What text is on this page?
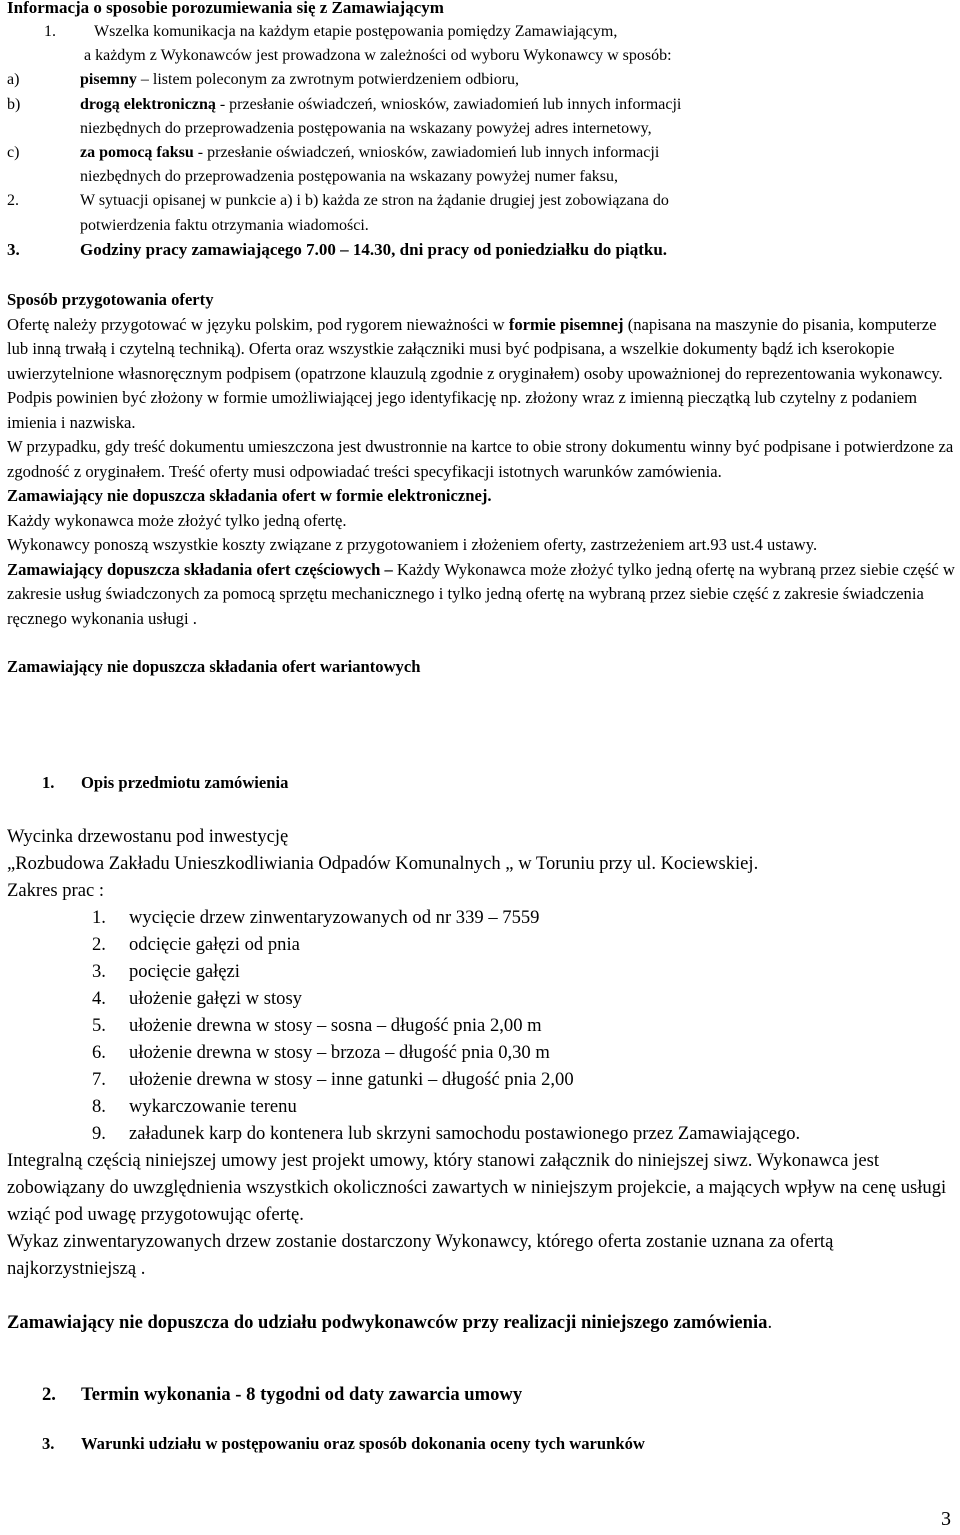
Informacja o sposobie porozumiewania się z Zamawiającym
1.	Wszelka komunikacja na każdym etapie postępowania pomiędzy Zamawiającym,
a każdym z Wykonawców jest prowadzona w zależności od wyboru Wykonawcy w sposób:
a)	pisemny – listem poleconym za zwrotnym potwierdzeniem odbioru,
b)	drogą elektroniczną - przesłanie oświadczeń, wniosków, zawiadomień lub innych informacji
niezbędnych do przeprowadzenia postępowania na wskazany powyżej adres internetowy,
c)	za pomocą faksu - przesłanie oświadczeń, wniosków, zawiadomień lub innych informacji
niezbędnych do przeprowadzenia postępowania na wskazany powyżej numer faksu,
2.	W sytuacji opisanej w punkcie a) i b) każda ze stron na żądanie drugiej jest zobowiązana do
potwierdzenia faktu otrzymania wiadomości.
3.	Godziny pracy zamawiającego 7.00 – 14.30, dni pracy od poniedziałku do piątku.
Sposób przygotowania oferty
Ofertę należy przygotować w języku polskim, pod rygorem nieważności w formie pisemnej (napisana na maszynie do pisania, komputerze lub inną trwałą i czytelną techniką). Oferta oraz wszystkie załączniki musi być podpisana, a wszelkie dokumenty bądź ich kserokopie uwierzytelnione własnoręcznym podpisem (opatrzone klauzulą zgodnie z oryginałem) osoby upoważnionej do reprezentowania wykonawcy. Podpis powinien być złożony w formie umożliwiającej jego identyfikację np. złożony wraz z imienną pieczątką lub czytelny z podaniem imienia i nazwiska.
W przypadku, gdy treść dokumentu umieszczona jest dwustronnie na kartce to obie strony dokumentu winny być podpisane i potwierdzone za zgodność z oryginałem. Treść oferty musi odpowiadać treści specyfikacji istotnych warunków zamówienia.
Zamawiający nie dopuszcza składania ofert w formie elektronicznej.
Każdy wykonawca może złożyć tylko jedną ofertę.
Wykonawcy ponoszą wszystkie koszty związane z przygotowaniem i złożeniem oferty, zastrzeżeniem art.93 ust.4 ustawy.
Zamawiający dopuszcza składania ofert częściowych – Każdy Wykonawca może złożyć tylko jedną ofertę na wybraną przez siebie część w zakresie usług świadczonych za pomocą sprzętu mechanicznego i tylko jedną ofertę na wybraną przez siebie część z zakresie świadczenia ręcznego wykonania usługi .
Zamawiający nie dopuszcza składania ofert wariantowych
1.	Opis przedmiotu zamówienia
Wycinka drzewostanu pod inwestycję
„Rozbudowa Zakładu Unieszkodliwiania Odpadów Komunalnych „ w Toruniu przy ul. Kociewskiej.
Zakres prac :
1. wycięcie drzew zinwentaryzowanych od nr 339 – 7559
2. odcięcie gałęzi od pnia
3. pocięcie gałęzi
4. ułożenie gałęzi w stosy
5. ułożenie drewna w stosy – sosna – długość pnia 2,00 m
6. ułożenie drewna w stosy – brzoza – długość pnia 0,30 m
7. ułożenie drewna w stosy – inne gatunki – długość pnia 2,00
8. wykarczowanie terenu
9. załadunek karp do kontenera lub skrzyni samochodu postawionego przez Zamawiającego.
Integralną częścią niniejszej umowy jest projekt umowy, który stanowi załącznik do niniejszej siwz. Wykonawca jest zobowiązany do uwzględnienia wszystkich okoliczności zawartych w niniejszym projekcie, a mających wpływ na cenę usługi wziąć pod uwagę przygotowując ofertę.
Wykaz zinwentaryzowanych drzew zostanie dostarczony Wykonawcy, którego oferta zostanie uznana za ofertą najkorzystniejszą .
Zamawiający nie dopuszcza do udziału podwykonawców przy realizacji niniejszego zamówienia.
2.	Termin wykonania - 8 tygodni od daty zawarcia umowy
3.	Warunki udziału w postępowaniu oraz sposób dokonania oceny tych warunków
3
